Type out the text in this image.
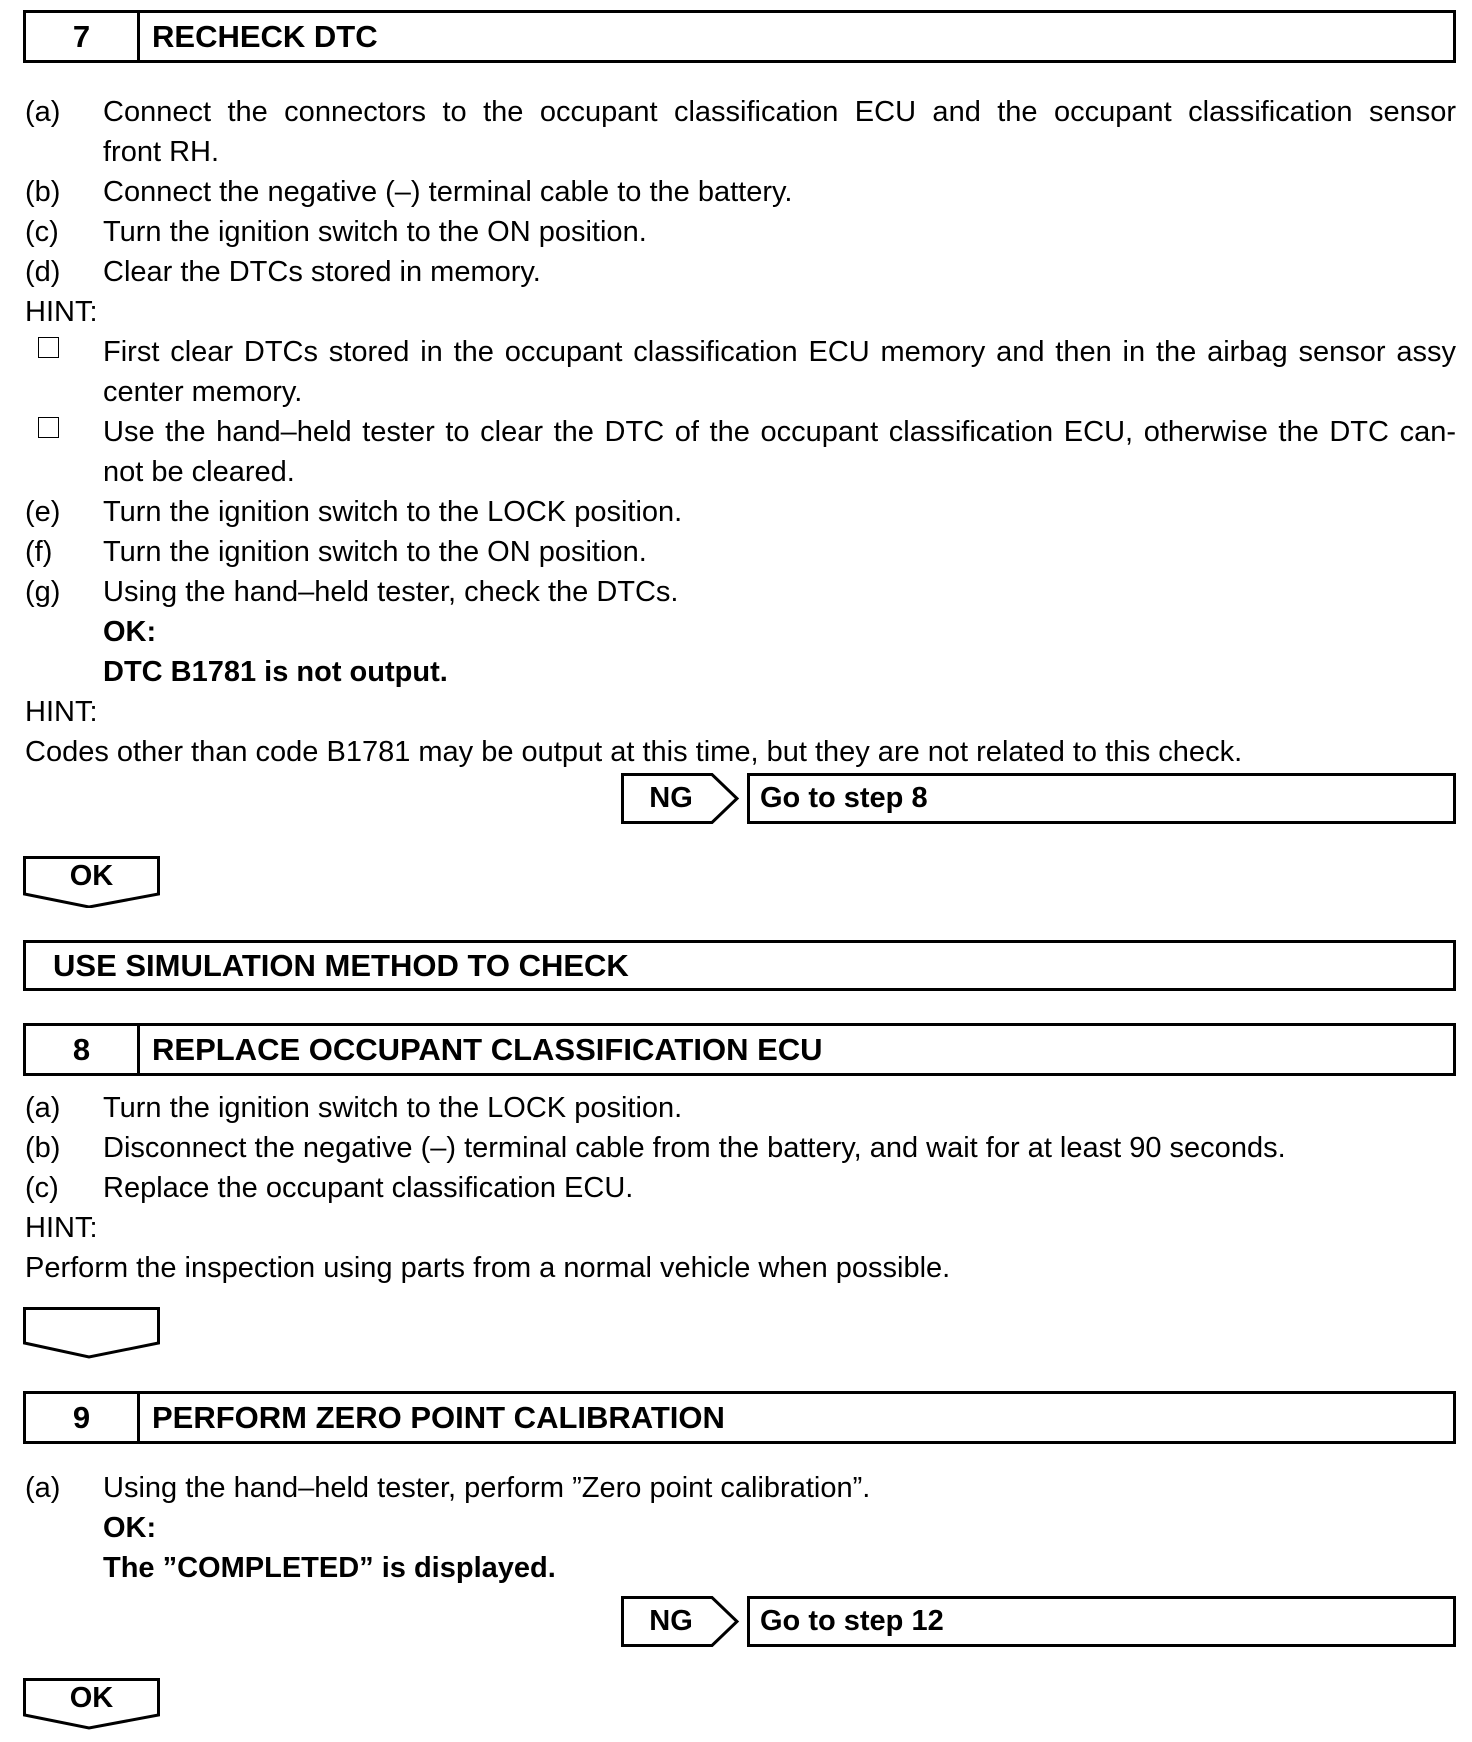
7	RECHECK DTC
(a) Connect the connectors to the occupant classification ECU and the occupant classification sensor
front RH.
(b) Connect the negative (–) terminal cable to the battery.
(c) Turn the ignition switch to the ON position.
(d) Clear the DTCs stored in memory.
HINT:
First clear DTCs stored in the occupant classification ECU memory and then in the airbag sensor assy
center memory.
Use the hand–held tester to clear the DTC of the occupant classification ECU, otherwise the DTC can-
not be cleared.
(e) Turn the ignition switch to the LOCK position.
(f) Turn the ignition switch to the ON position.
(g) Using the hand–held tester, check the DTCs.
OK:
DTC B1781 is not output.
HINT:
Codes other than code B1781 may be output at this time, but they are not related to this check.
NG	Go to step 8
OK
USE SIMULATION METHOD TO CHECK
8	REPLACE OCCUPANT CLASSIFICATION ECU
(a) Turn the ignition switch to the LOCK position.
(b) Disconnect the negative (–) terminal cable from the battery, and wait for at least 90 seconds.
(c) Replace the occupant classification ECU.
HINT:
Perform the inspection using parts from a normal vehicle when possible.
9	PERFORM ZERO POINT CALIBRATION
(a) Using the hand–held tester, perform ”Zero point calibration”.
OK:
The ”COMPLETED” is displayed.
NG	Go to step 12
OK
